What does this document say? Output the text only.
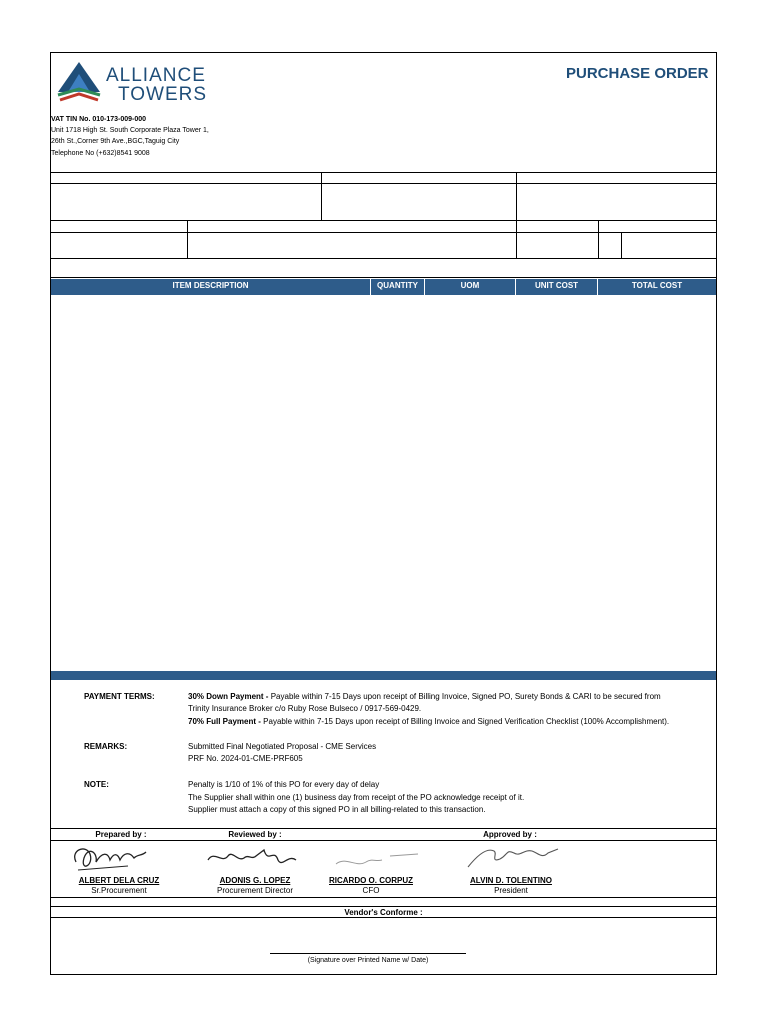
ALLIANCE
TOWERS
VAT TIN No. 010-173-009-000
Unit 1718 High St. South Corporate Plaza Tower 1,
26th St.,Corner 9th Ave.,BGC,Taguig City
Telephone No (+632)8541 9008
PURCHASE ORDER
ITEM DESCRIPTION	QUANTITY	UOM	UNIT COST	TOTAL COST
PAYMENT TERMS:	30% Down Payment - Payable within 7-15 Days upon receipt of Billing Invoice, Signed PO, Surety Bonds & CARI to be secured from
Trinity Insurance Broker c/o Ruby Rose Bulseco / 0917-569-0429.
70% Full Payment - Payable within 7-15 Days upon receipt of Billing Invoice and Signed Verification Checklist (100% Accomplishment).
REMARKS:	Submitted Final Negotiated Proposal - CME Services
PRF No. 2024-01-CME-PRF605
NOTE:	Penalty is 1/10 of 1% of this PO for every day of delay
The Supplier shall within one (1) business day from receipt of the PO acknowledge receipt of it.
Supplier must attach a copy of this signed PO in all billing-related to this transaction.
Prepared by :	Reviewed by :	Approved by :
ALBERT DELA CRUZ
Sr.Procurement
ADONIS G. LOPEZ
Procurement Director
RICARDO O. CORPUZ
CFO
ALVIN D. TOLENTINO
President
Vendor's Conforme :
(Signature over Printed Name w/ Date)
